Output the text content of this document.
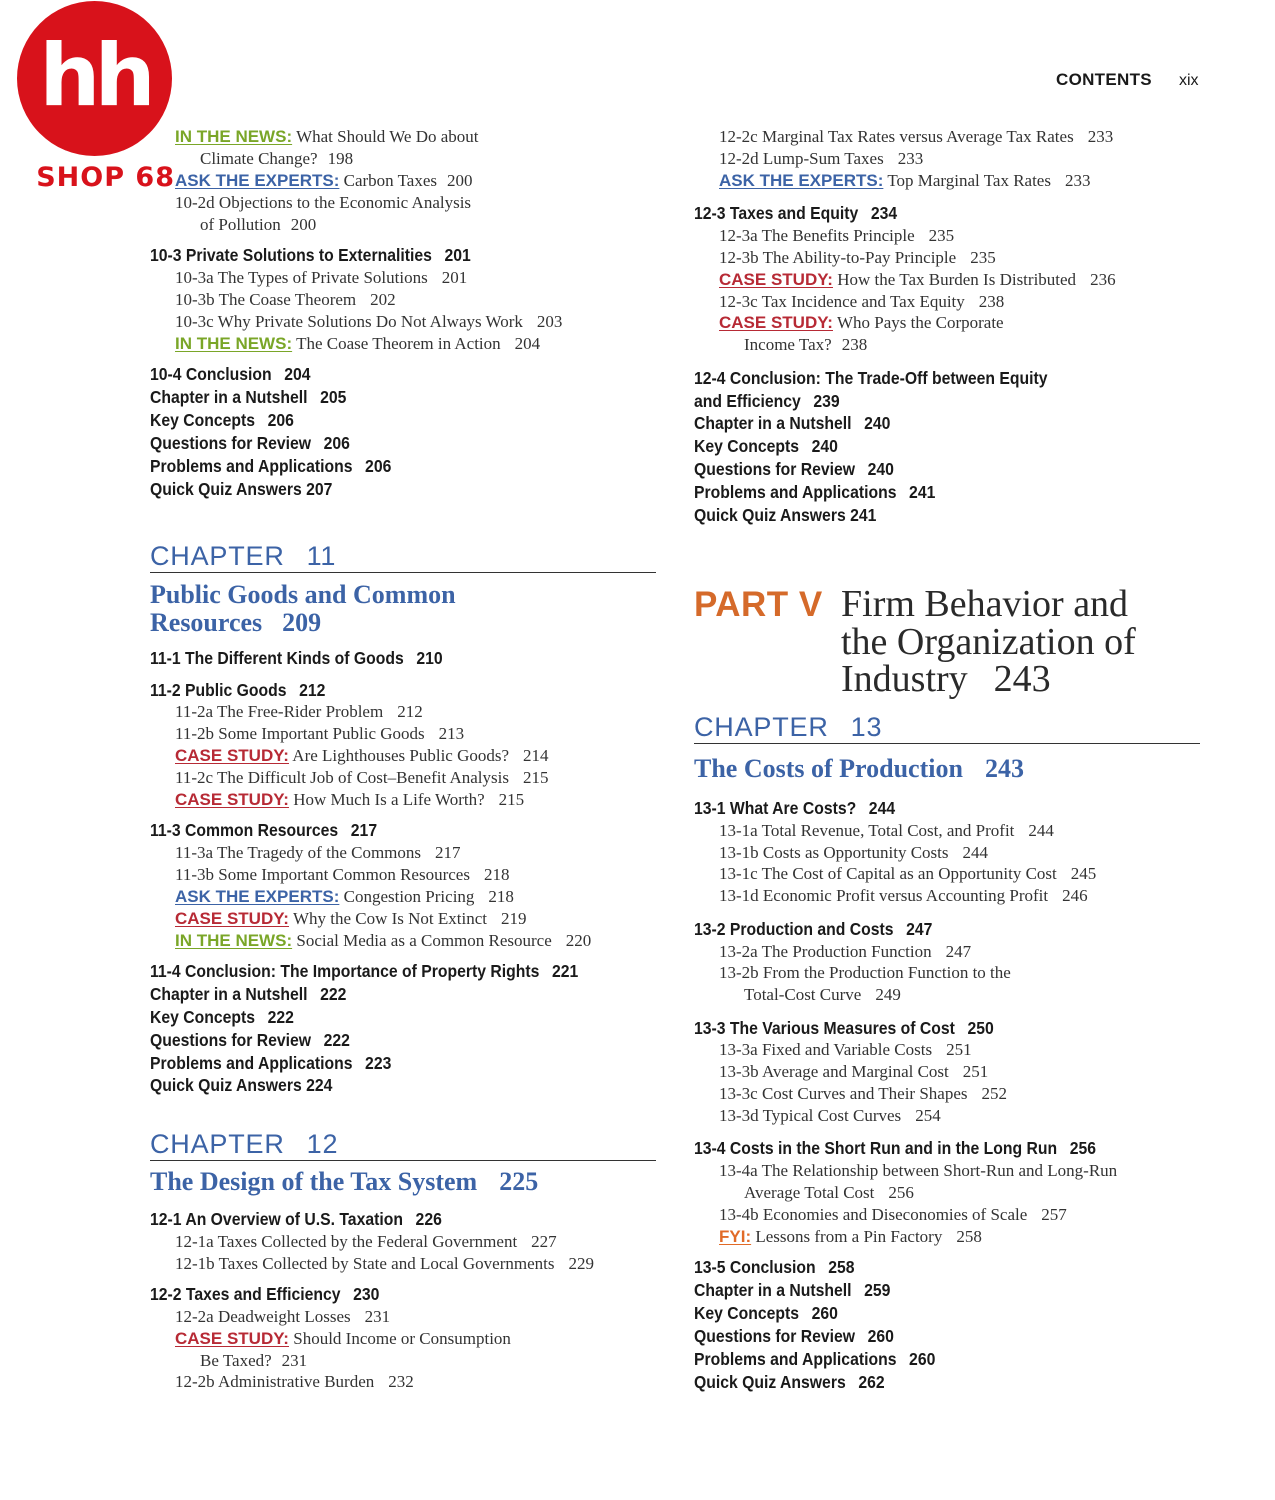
hh
SHOP 68
CONTENTS xix
IN THE NEWS: What Should We Do about
Climate Change? 198
ASK THE EXPERTS: Carbon Taxes 200
10-2d Objections to the Economic Analysis
of Pollution 200
10-3 Private Solutions to Externalities 201
10-3a The Types of Private Solutions 201
10-3b The Coase Theorem 202
10-3c Why Private Solutions Do Not Always Work 203
IN THE NEWS: The Coase Theorem in Action 204
10-4 Conclusion 204
Chapter in a Nutshell 205
Key Concepts 206
Questions for Review 206
Problems and Applications 206
Quick Quiz Answers 207
CHAPTER 11
Public Goods and Common
Resources 209
11-1 The Different Kinds of Goods 210
11-2 Public Goods 212
11-2a The Free-Rider Problem 212
11-2b Some Important Public Goods 213
CASE STUDY: Are Lighthouses Public Goods? 214
11-2c The Difficult Job of Cost–Benefit Analysis 215
CASE STUDY: How Much Is a Life Worth? 215
11-3 Common Resources 217
11-3a The Tragedy of the Commons 217
11-3b Some Important Common Resources 218
ASK THE EXPERTS: Congestion Pricing 218
CASE STUDY: Why the Cow Is Not Extinct 219
IN THE NEWS: Social Media as a Common Resource 220
11-4 Conclusion: The Importance of Property Rights 221
Chapter in a Nutshell 222
Key Concepts 222
Questions for Review 222
Problems and Applications 223
Quick Quiz Answers 224
CHAPTER 12
The Design of the Tax System 225
12-1 An Overview of U.S. Taxation 226
12-1a Taxes Collected by the Federal Government 227
12-1b Taxes Collected by State and Local Governments 229
12-2 Taxes and Efficiency 230
12-2a Deadweight Losses 231
CASE STUDY: Should Income or Consumption
Be Taxed? 231
12-2b Administrative Burden 232
12-2c Marginal Tax Rates versus Average Tax Rates 233
12-2d Lump-Sum Taxes 233
ASK THE EXPERTS: Top Marginal Tax Rates 233
12-3 Taxes and Equity 234
12-3a The Benefits Principle 235
12-3b The Ability-to-Pay Principle 235
CASE STUDY: How the Tax Burden Is Distributed 236
12-3c Tax Incidence and Tax Equity 238
CASE STUDY: Who Pays the Corporate
Income Tax? 238
12-4 Conclusion: The Trade-Off between Equity
and Efficiency 239
Chapter in a Nutshell 240
Key Concepts 240
Questions for Review 240
Problems and Applications 241
Quick Quiz Answers 241
PART V Firm Behavior and
the Organization of
Industry 243
CHAPTER 13
The Costs of Production 243
13-1 What Are Costs? 244
13-1a Total Revenue, Total Cost, and Profit 244
13-1b Costs as Opportunity Costs 244
13-1c The Cost of Capital as an Opportunity Cost 245
13-1d Economic Profit versus Accounting Profit 246
13-2 Production and Costs 247
13-2a The Production Function 247
13-2b From the Production Function to the
Total-Cost Curve 249
13-3 The Various Measures of Cost 250
13-3a Fixed and Variable Costs 251
13-3b Average and Marginal Cost 251
13-3c Cost Curves and Their Shapes 252
13-3d Typical Cost Curves 254
13-4 Costs in the Short Run and in the Long Run 256
13-4a The Relationship between Short-Run and Long-Run
Average Total Cost 256
13-4b Economies and Diseconomies of Scale 257
FYI: Lessons from a Pin Factory 258
13-5 Conclusion 258
Chapter in a Nutshell 259
Key Concepts 260
Questions for Review 260
Problems and Applications 260
Quick Quiz Answers 262
